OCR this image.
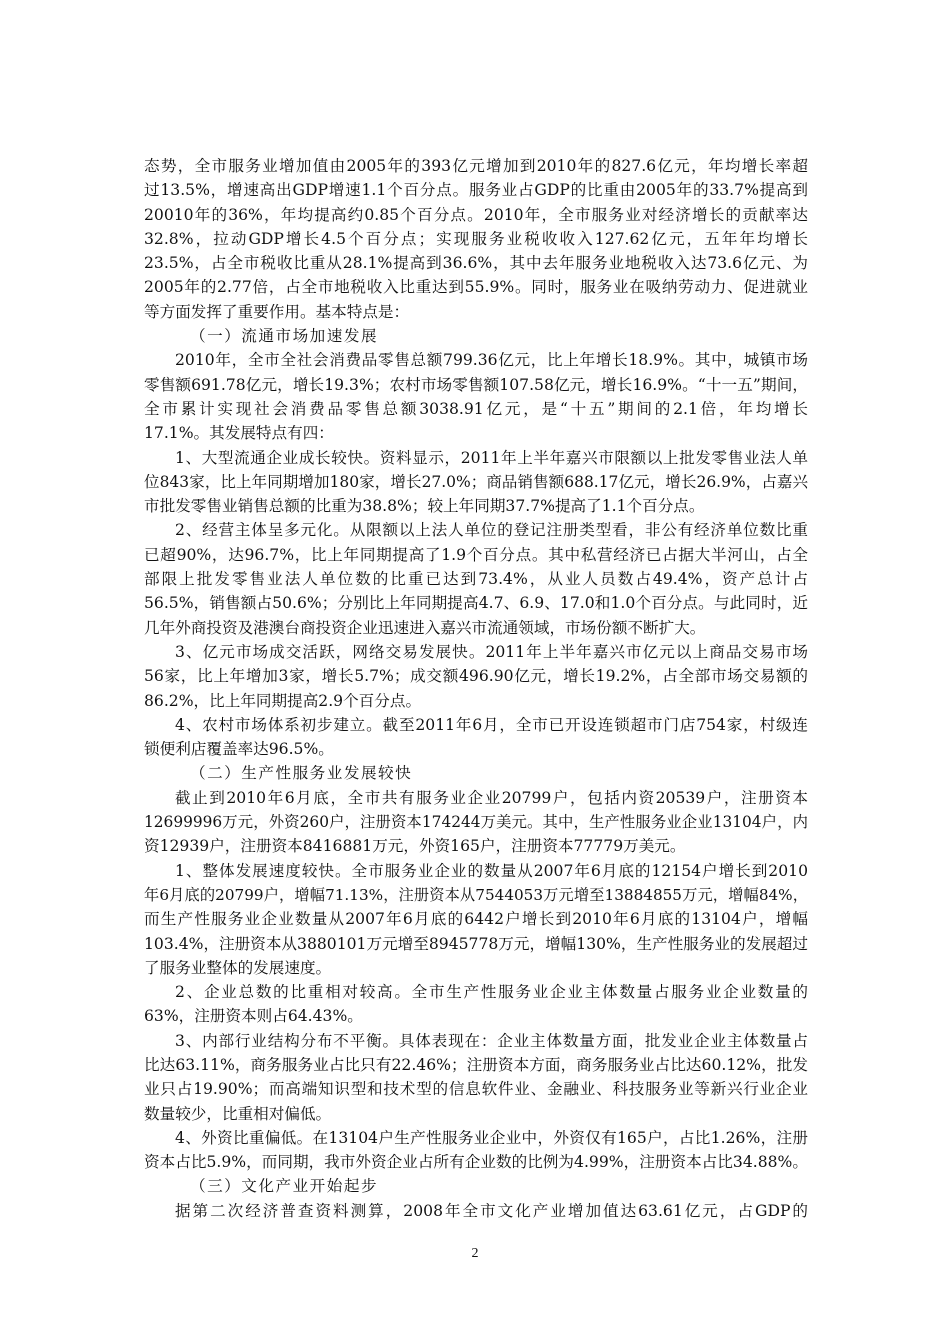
态势，全市服务业增加值由2005年的393亿元增加到2010年的827.6亿元，年均增长率超
过13.5%，增速高出GDP增速1.1个百分点。服务业占GDP的比重由2005年的33.7%提高到
20010年的36%，年均提高约0.85个百分点。2010年，全市服务业对经济增长的贡献率达
32.8%，拉动GDP增长4.5个百分点；实现服务业税收收入127.62亿元，五年年均增长
23.5%，占全市税收比重从28.1%提高到36.6%，其中去年服务业地税收入达73.6亿元、为
2005年的2.77倍，占全市地税收入比重达到55.9%。同时，服务业在吸纳劳动力、促进就业
等方面发挥了重要作用。基本特点是：
（一）流通市场加速发展
2010年，全市全社会消费品零售总额799.36亿元，比上年增长18.9%。其中，城镇市场
零售额691.78亿元，增长19.3%；农村市场零售额107.58亿元，增长16.9%。“十一五”期间，
全市累计实现社会消费品零售总额3038.91亿元，是“十五”期间的2.1倍，年均增长
17.1%。其发展特点有四：
1、大型流通企业成长较快。资料显示，2011年上半年嘉兴市限额以上批发零售业法人单
位843家，比上年同期增加180家，增长27.0%；商品销售额688.17亿元，增长26.9%，占嘉兴
市批发零售业销售总额的比重为38.8%；较上年同期37.7%提高了1.1个百分点。
2、经营主体呈多元化。从限额以上法人单位的登记注册类型看，非公有经济单位数比重
已超90%，达96.7%，比上年同期提高了1.9个百分点。其中私营经济已占据大半河山，占全
部限上批发零售业法人单位数的比重已达到73.4%，从业人员数占49.4%，资产总计占
56.5%，销售额占50.6%；分别比上年同期提高4.7、6.9、17.0和1.0个百分点。与此同时，近
几年外商投资及港澳台商投资企业迅速进入嘉兴市流通领域，市场份额不断扩大。
3、亿元市场成交活跃，网络交易发展快。2011年上半年嘉兴市亿元以上商品交易市场
56家，比上年增加3家，增长5.7%；成交额496.90亿元，增长19.2%，占全部市场交易额的
86.2%，比上年同期提高2.9个百分点。
4、农村市场体系初步建立。截至2011年6月，全市已开设连锁超市门店754家，村级连
锁便利店覆盖率达96.5%。
（二）生产性服务业发展较快
截止到2010年6月底，全市共有服务业企业20799户，包括内资20539户，注册资本
12699996万元，外资260户，注册资本174244万美元。其中，生产性服务业企业13104户，内
资12939户，注册资本8416881万元，外资165户，注册资本77779万美元。
1、整体发展速度较快。全市服务业企业的数量从2007年6月底的12154户增长到2010
年6月底的20799户，增幅71.13%，注册资本从7544053万元增至13884855万元，增幅84%，
而生产性服务业企业数量从2007年6月底的6442户增长到2010年6月底的13104户，增幅
103.4%，注册资本从3880101万元增至8945778万元，增幅130%，生产性服务业的发展超过
了服务业整体的发展速度。
2、企业总数的比重相对较高。全市生产性服务业企业主体数量占服务业企业数量的
63%，注册资本则占64.43%。
3、内部行业结构分布不平衡。具体表现在：企业主体数量方面，批发业企业主体数量占
比达63.11%，商务服务业占比只有22.46%；注册资本方面，商务服务业占比达60.12%，批发
业只占19.90%；而高端知识型和技术型的信息软件业、金融业、科技服务业等新兴行业企业
数量较少，比重相对偏低。
4、外资比重偏低。在13104户生产性服务业企业中，外资仅有165户，占比1.26%，注册
资本占比5.9%，而同期，我市外资企业占所有企业数的比例为4.99%，注册资本占比34.88%。
（三）文化产业开始起步
据第二次经济普查资料测算，2008年全市文化产业增加值达63.61亿元，占GDP的
2
